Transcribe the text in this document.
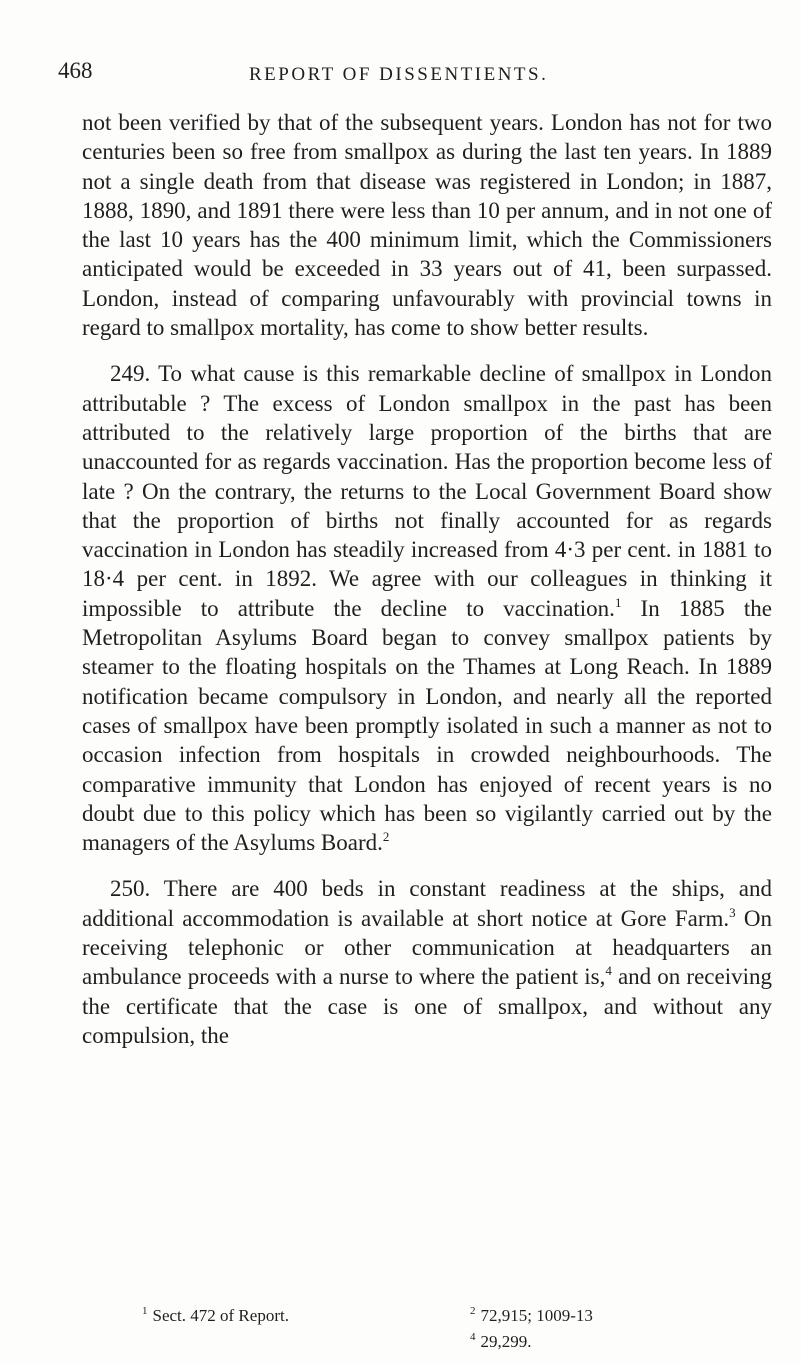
468	REPORT OF DISSENTIENTS.

not been verified by that of the subsequent years. London has not for two centuries been so free from smallpox as during the last ten years. In 1889 not a single death from that disease was registered in London; in 1887, 1888, 1890, and 1891 there were less than 10 per annum, and in not one of the last 10 years has the 400 minimum limit, which the Commissioners anticipated would be exceeded in 33 years out of 41, been surpassed. London, instead of comparing unfavourably with provincial towns in regard to smallpox mortality, has come to show better results.

249. To what cause is this remarkable decline of smallpox in London attributable ? The excess of London smallpox in the past has been attributed to the relatively large proportion of the births that are unaccounted for as regards vaccination. Has the proportion become less of late ? On the contrary, the returns to the Local Government Board show that the proportion of births not finally accounted for as regards vaccination in London has steadily increased from 4·3 per cent. in 1881 to 18·4 per cent. in 1892. We agree with our colleagues in thinking it impossible to attribute the decline to vaccination.$^1$ In 1885 the Metropolitan Asylums Board began to convey smallpox patients by steamer to the floating hospitals on the Thames at Long Reach. In 1889 notification became compulsory in London, and nearly all the reported cases of smallpox have been promptly isolated in such a manner as not to occasion infection from hospitals in crowded neighbourhoods. The comparative immunity that London has enjoyed of recent years is no doubt due to this policy which has been so vigilantly carried out by the managers of the Asylums Board.$^2$

250. There are 400 beds in constant readiness at the ships, and additional accommodation is available at short notice at Gore Farm.$^3$ On receiving telephonic or other communication at headquarters an ambulance proceeds with a nurse to where the patient is,$^4$ and on receiving the certificate that the case is one of smallpox, and without any compulsion, the

$^1$ Sect. 472 of Report.	$^2$ 72,915; 1009-13
$^4$ 29,299.
